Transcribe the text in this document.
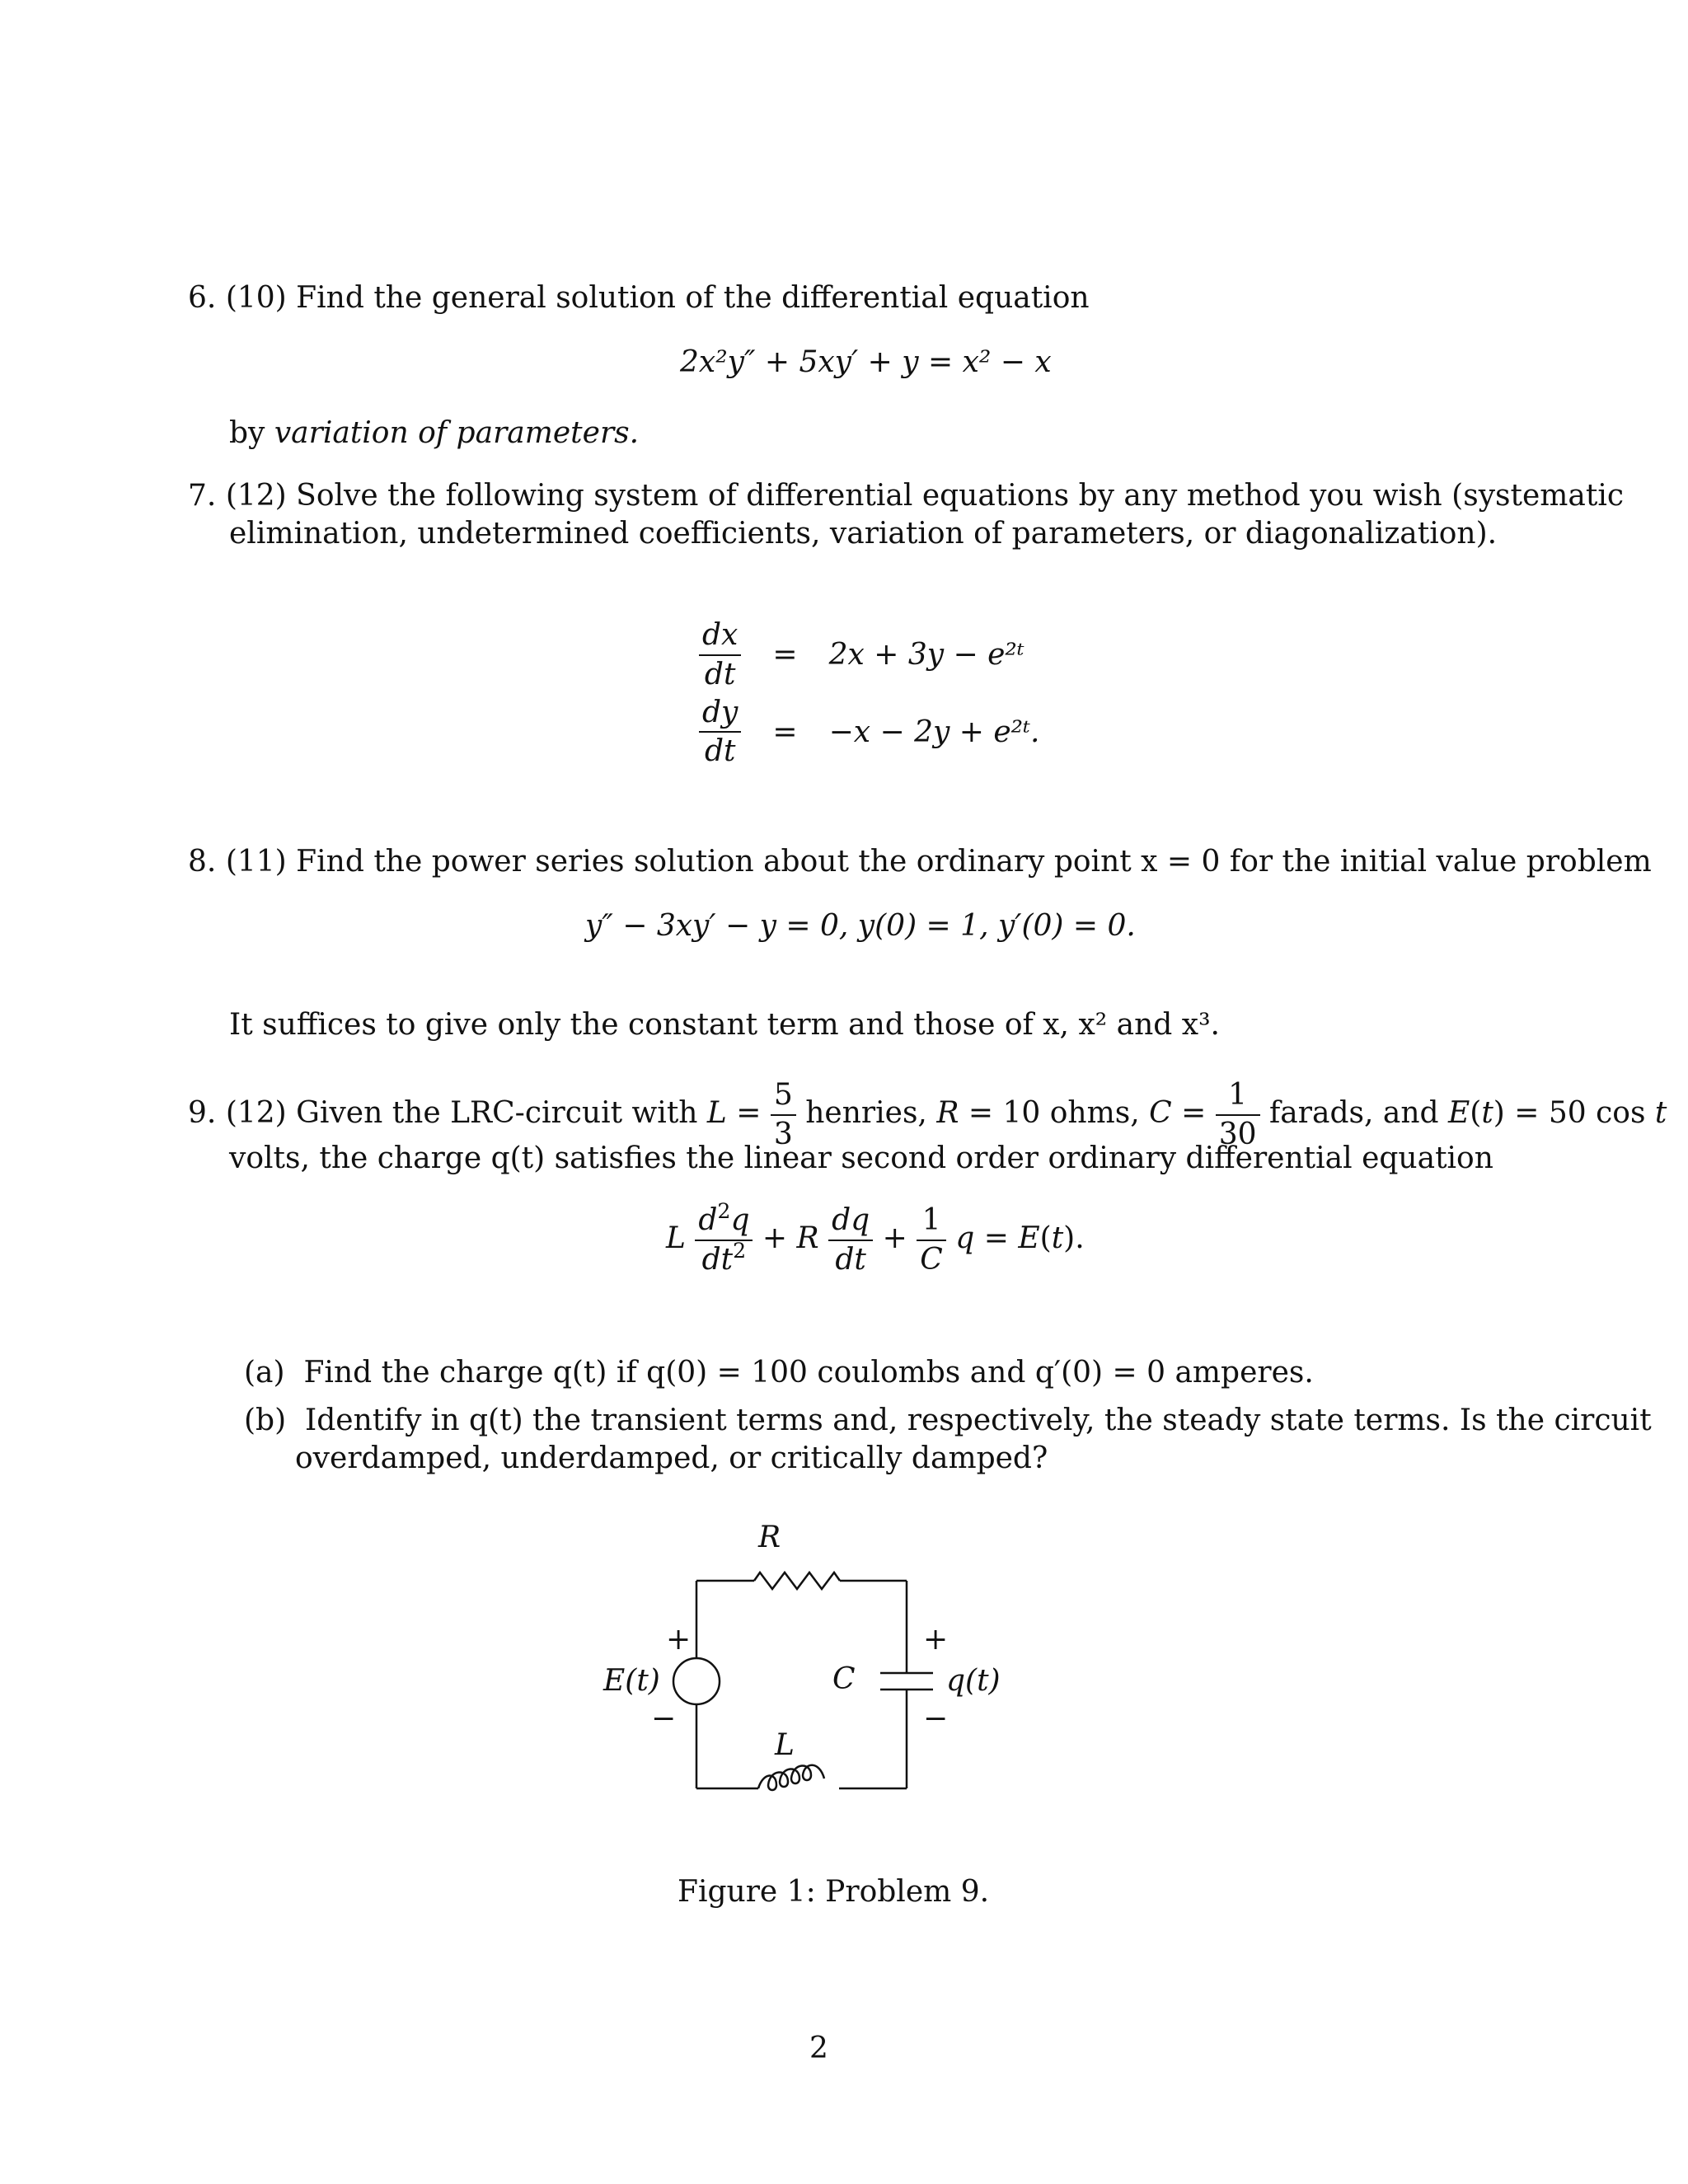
6. (10) Find the general solution of the differential equation
2x²y″ + 5xy′ + y = x² − x
by variation of parameters.
7. (12) Solve the following system of differential equations by any method you wish (systematic
elimination, undetermined coefficients, variation of parameters, or diagonalization).
$\frac{dx}{dt}$	=	2x + 3y − e²ᵗ

$\frac{dy}{dt}$	=	−x − 2y + e²ᵗ.
8. (11) Find the power series solution about the ordinary point x = 0 for the initial value problem
y″ − 3xy′ − y = 0, y(0) = 1, y′(0) = 0.
It suffices to give only the constant term and those of x, x² and x³.
9. (12) Given the LRC-circuit with $L = \frac{5}{3}$ henries, R = 10 ohms, $C = \frac{1}{30}$ farads, and E(t) = 50 cos t
volts, the charge q(t) satisfies the linear second order ordinary differential equation
L $\frac{d^2q}{dt^2} + R \frac{dq}{dt} + \frac{1}{C}$ q = E(t).
(a) Find the charge q(t) if q(0) = 100 coulombs and q′(0) = 0 amperes.
(b) Identify in q(t) the transient terms and, respectively, the steady state terms. Is the circuit
overdamped, underdamped, or critically damped?
R
L
C
E(t)	q(t)
+
−
+
−
Figure 1: Problem 9.
2
